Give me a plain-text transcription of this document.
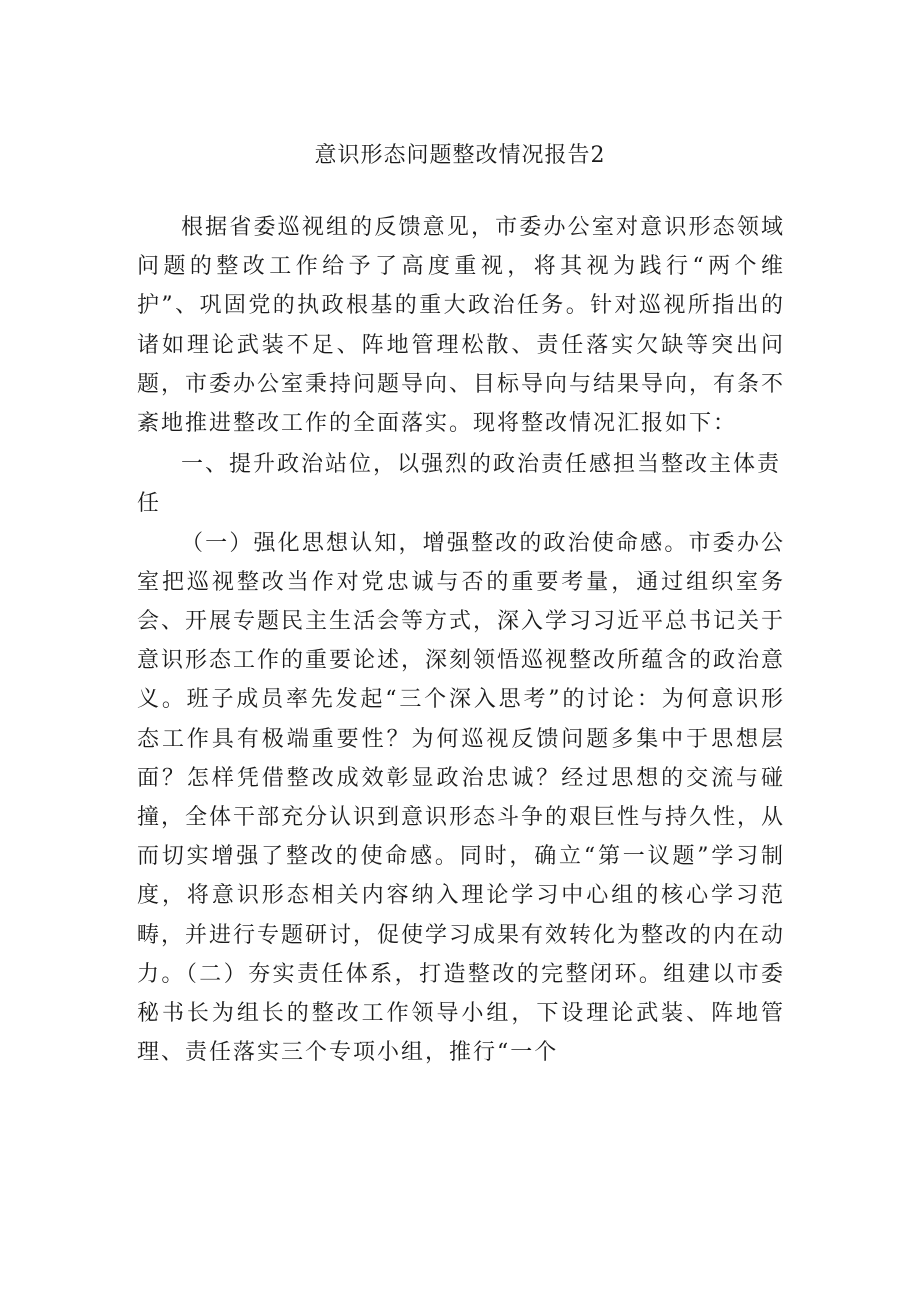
意识形态问题整改情况报告2

根据省委巡视组的反馈意见，市委办公室对意识形态领域问题的整改工作给予了高度重视，将其视为践行“两个维护”、巩固党的执政根基的重大政治任务。针对巡视所指出的诸如理论武装不足、阵地管理松散、责任落实欠缺等突出问题，市委办公室秉持问题导向、目标导向与结果导向，有条不紊地推进整改工作的全面落实。现将整改情况汇报如下：

一、提升政治站位，以强烈的政治责任感担当整改主体责任

（一）强化思想认知，增强整改的政治使命感。市委办公室把巡视整改当作对党忠诚与否的重要考量，通过组织室务会、开展专题民主生活会等方式，深入学习习近平总书记关于意识形态工作的重要论述，深刻领悟巡视整改所蕴含的政治意义。班子成员率先发起“三个深入思考”的讨论：为何意识形态工作具有极端重要性？为何巡视反馈问题多集中于思想层面？怎样凭借整改成效彰显政治忠诚？经过思想的交流与碰撞，全体干部充分认识到意识形态斗争的艰巨性与持久性，从而切实增强了整改的使命感。同时，确立“第一议题”学习制度，将意识形态相关内容纳入理论学习中心组的核心学习范畴，并进行专题研讨，促使学习成果有效转化为整改的内在动力。（二）夯实责任体系，打造整改的完整闭环。组建以市委秘书长为组长的整改工作领导小组，下设理论武装、阵地管理、责任落实三个专项小组，推行“一个
